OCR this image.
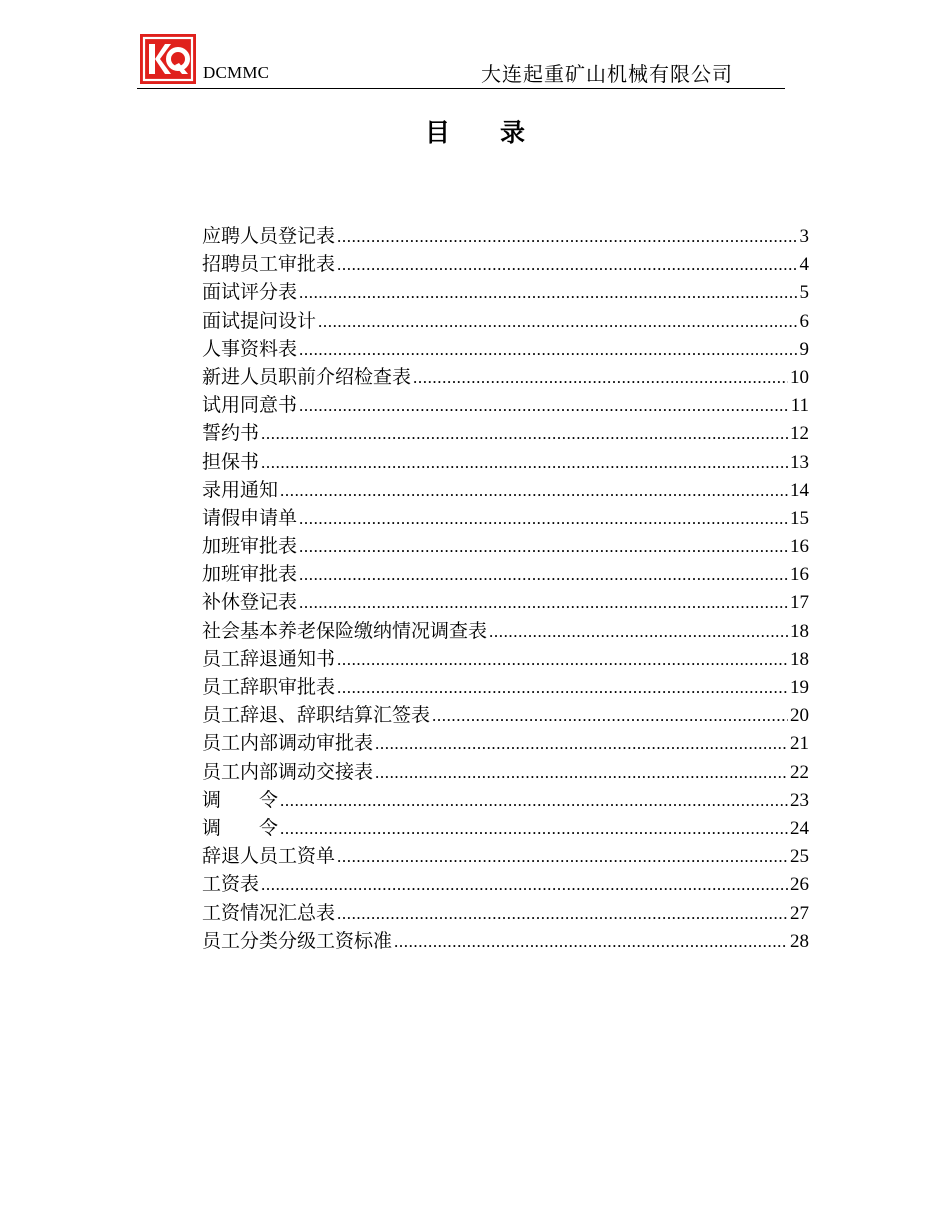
DCMMC	大连起重矿山机械有限公司
目 录
应聘人员登记表 .....	3
招聘员工审批表 .....	4
面试评分表 .....	5
面试提问设计 .....	6
人事资料表 .....	9
新进人员职前介绍检查表 .....	10
试用同意书 .....	11
誓约书 .....	12
担保书 .....	13
录用通知 .....	14
请假申请单 .....	15
加班审批表 .....	16
加班审批表 .....	16
补休登记表 .....	17
社会基本养老保险缴纳情况调查表 .....	18
员工辞退通知书 .....	18
员工辞职审批表 .....	19
员工辞退、辞职结算汇签表 .....	20
员工内部调动审批表 .....	21
员工内部调动交接表 .....	22
调　　令 .....	23
调　　令 .....	24
辞退人员工资单 .....	25
工资表 .....	26
工资情况汇总表 .....	27
员工分类分级工资标准 .....	28
